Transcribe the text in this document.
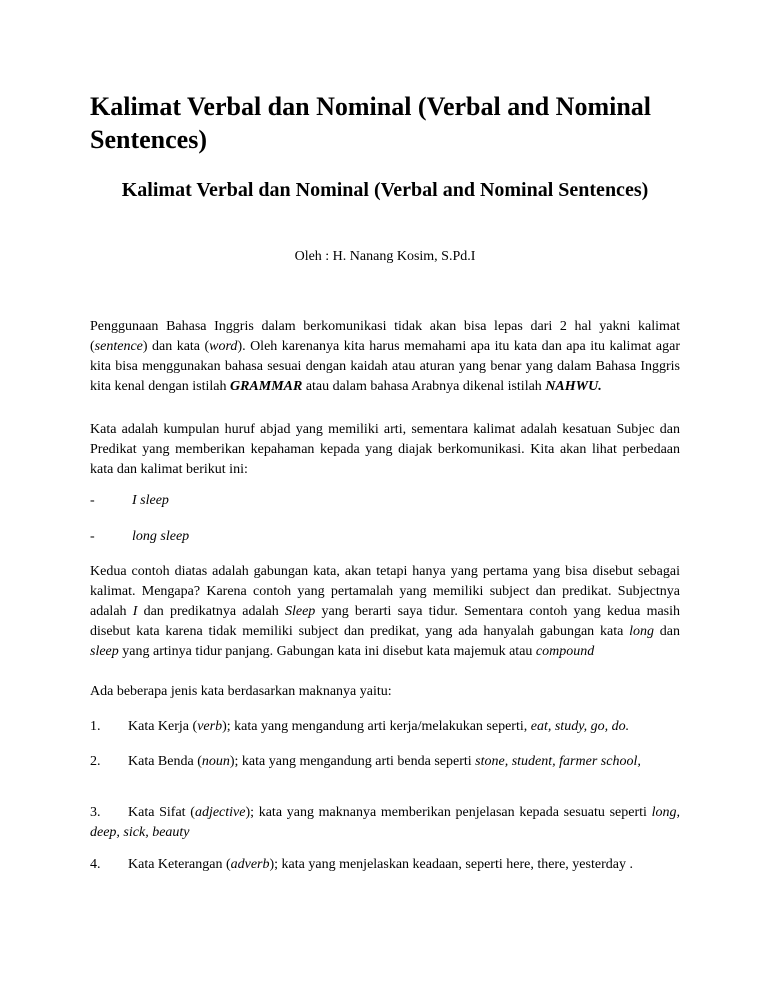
Kalimat Verbal dan Nominal (Verbal and Nominal Sentences)
Kalimat Verbal dan Nominal (Verbal and Nominal Sentences)
Oleh : H. Nanang Kosim, S.Pd.I

Penggunaan Bahasa Inggris dalam berkomunikasi tidak akan bisa lepas dari 2 hal yakni kalimat (sentence) dan kata (word). Oleh karenanya kita harus memahami apa itu kata dan apa itu kalimat agar kita bisa menggunakan bahasa sesuai dengan kaidah atau aturan yang benar yang dalam Bahasa Inggris kita kenal dengan istilah GRAMMAR atau dalam bahasa Arabnya dikenal istilah NAHWU.

Kata adalah kumpulan huruf abjad yang memiliki arti, sementara kalimat adalah kesatuan Subjec dan Predikat yang memberikan kepahaman kepada yang diajak berkomunikasi. Kita akan lihat perbedaan kata dan kalimat berikut ini:

-	I sleep

-	long sleep

Kedua contoh diatas adalah gabungan kata, akan tetapi hanya yang pertama yang bisa disebut sebagai kalimat. Mengapa? Karena contoh yang pertamalah yang memiliki subject dan predikat. Subjectnya adalah I dan predikatnya adalah Sleep yang berarti saya tidur. Sementara contoh yang kedua masih disebut kata karena tidak memiliki subject dan predikat, yang ada hanyalah gabungan kata long dan sleep yang artinya tidur panjang. Gabungan kata ini disebut kata majemuk atau compound

Ada beberapa jenis kata berdasarkan maknanya yaitu:

1. Kata Kerja (verb); kata yang mengandung arti kerja/melakukan seperti, eat, study, go, do.

2. Kata Benda (noun); kata yang mengandung arti benda seperti stone, student, farmer school,

3. Kata Sifat (adjective); kata yang maknanya memberikan penjelasan kepada sesuatu seperti long, deep, sick, beauty

4. Kata Keterangan (adverb); kata yang menjelaskan keadaan, seperti here, there, yesterday .
